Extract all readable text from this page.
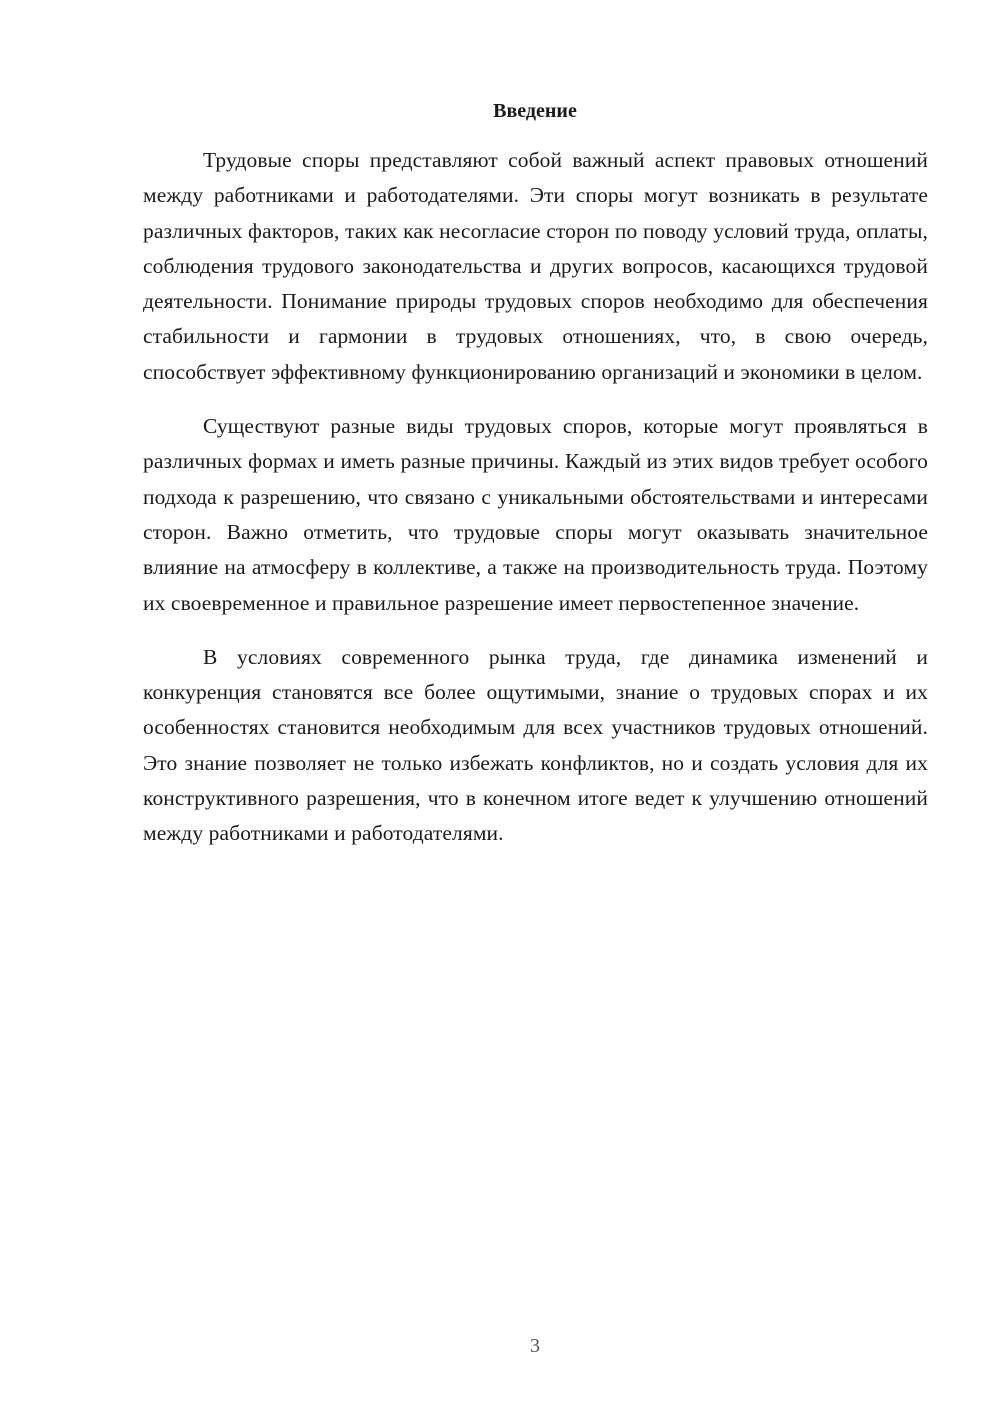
Введение

Трудовые споры представляют собой важный аспект правовых отношений между работниками и работодателями. Эти споры могут возникать в результате различных факторов, таких как несогласие сторон по поводу условий труда, оплаты, соблюдения трудового законодательства и других вопросов, касающихся трудовой деятельности. Понимание природы трудовых споров необходимо для обеспечения стабильности и гармонии в трудовых отношениях, что, в свою очередь, способствует эффективному функционированию организаций и экономики в целом.

Существуют разные виды трудовых споров, которые могут проявляться в различных формах и иметь разные причины. Каждый из этих видов требует особого подхода к разрешению, что связано с уникальными обстоятельствами и интересами сторон. Важно отметить, что трудовые споры могут оказывать значительное влияние на атмосферу в коллективе, а также на производительность труда. Поэтому их своевременное и правильное разрешение имеет первостепенное значение.

В условиях современного рынка труда, где динамика изменений и конкуренция становятся все более ощутимыми, знание о трудовых спорах и их особенностях становится необходимым для всех участников трудовых отношений. Это знание позволяет не только избежать конфликтов, но и создать условия для их конструктивного разрешения, что в конечном итоге ведет к улучшению отношений между работниками и работодателями.

3
